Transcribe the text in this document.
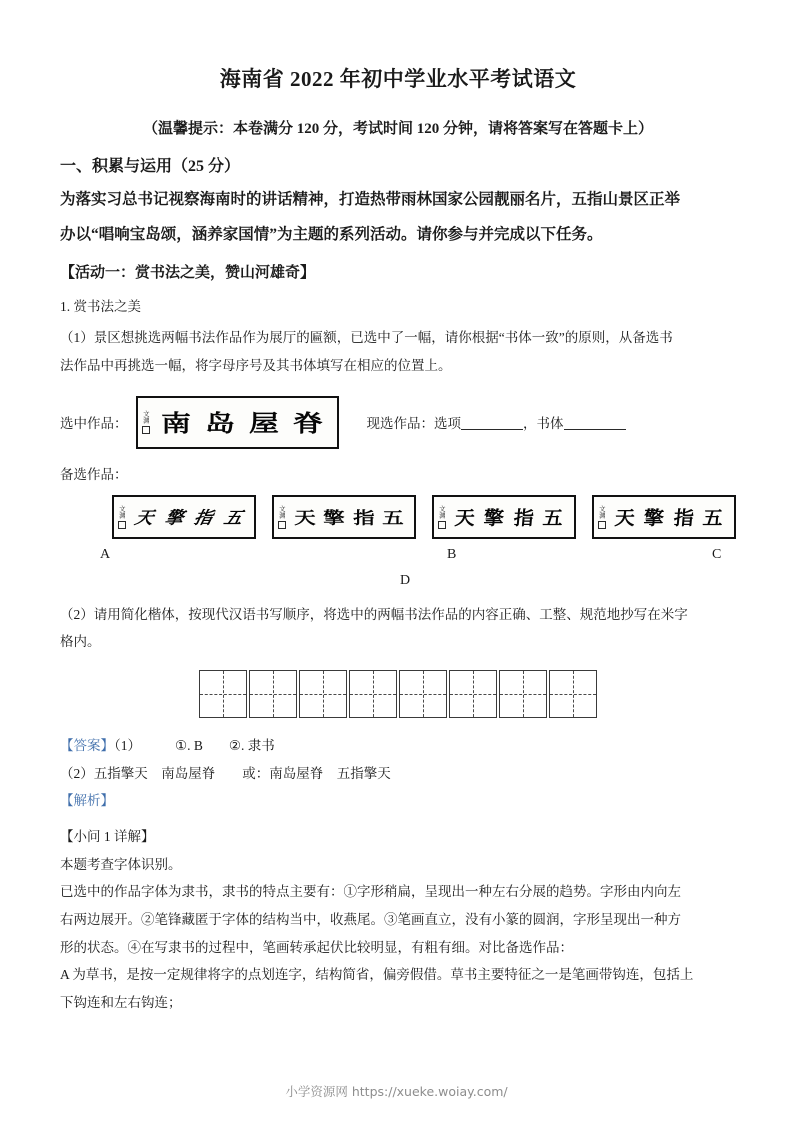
海南省 2022 年初中学业水平考试语文
（温馨提示：本卷满分 120 分，考试时间 120 分钟，请将答案写在答题卡上）
一、积累与运用（25 分）
为落实习总书记视察海南时的讲话精神，打造热带雨林国家公园靓丽名片，五指山景区正举
办以“唱响宝岛颂，涵养家国情”为主题的系列活动。请你参与并完成以下任务。
【活动一：赏书法之美，赞山河雄奇】
1. 赏书法之美
（1）景区想挑选两幅书法作品作为展厅的匾额，已选中了一幅，请你根据“书体一致”的原则，从备选书
法作品中再挑选一幅，将字母序号及其书体填写在相应的位置上。
选中作品： 文渊 南 岛 屋 脊	现选作品：选项	，书体
备选作品：
文渊 天 擎 指 五	文渊 天 擎 指 五	文渊 天 擎 指 五	文渊 天 擎 指 五
A	B	C
D
（2）请用简化楷体，按现代汉语书写顺序，将选中的两幅书法作品的内容正确、工整、规范地抄写在米字
格内。
【答案】（1）	①. B ②. 隶书
（2）五指擎天　南岛屋脊　　或：南岛屋脊　五指擎天
【解析】
【小问 1 详解】
本题考查字体识别。
已选中的作品字体为隶书，隶书的特点主要有：①字形稍扁，呈现出一种左右分展的趋势。字形由内向左
右两边展开。②笔锋藏匿于字体的结构当中，收燕尾。③笔画直立，没有小篆的圆润，字形呈现出一种方
形的状态。④在写隶书的过程中，笔画转承起伏比较明显，有粗有细。对比备选作品：
A 为草书，是按一定规律将字的点划连字，结构简省，偏旁假借。草书主要特征之一是笔画带钩连，包括上
下钩连和左右钩连；
小学资源网 https://xueke.woiay.com/
